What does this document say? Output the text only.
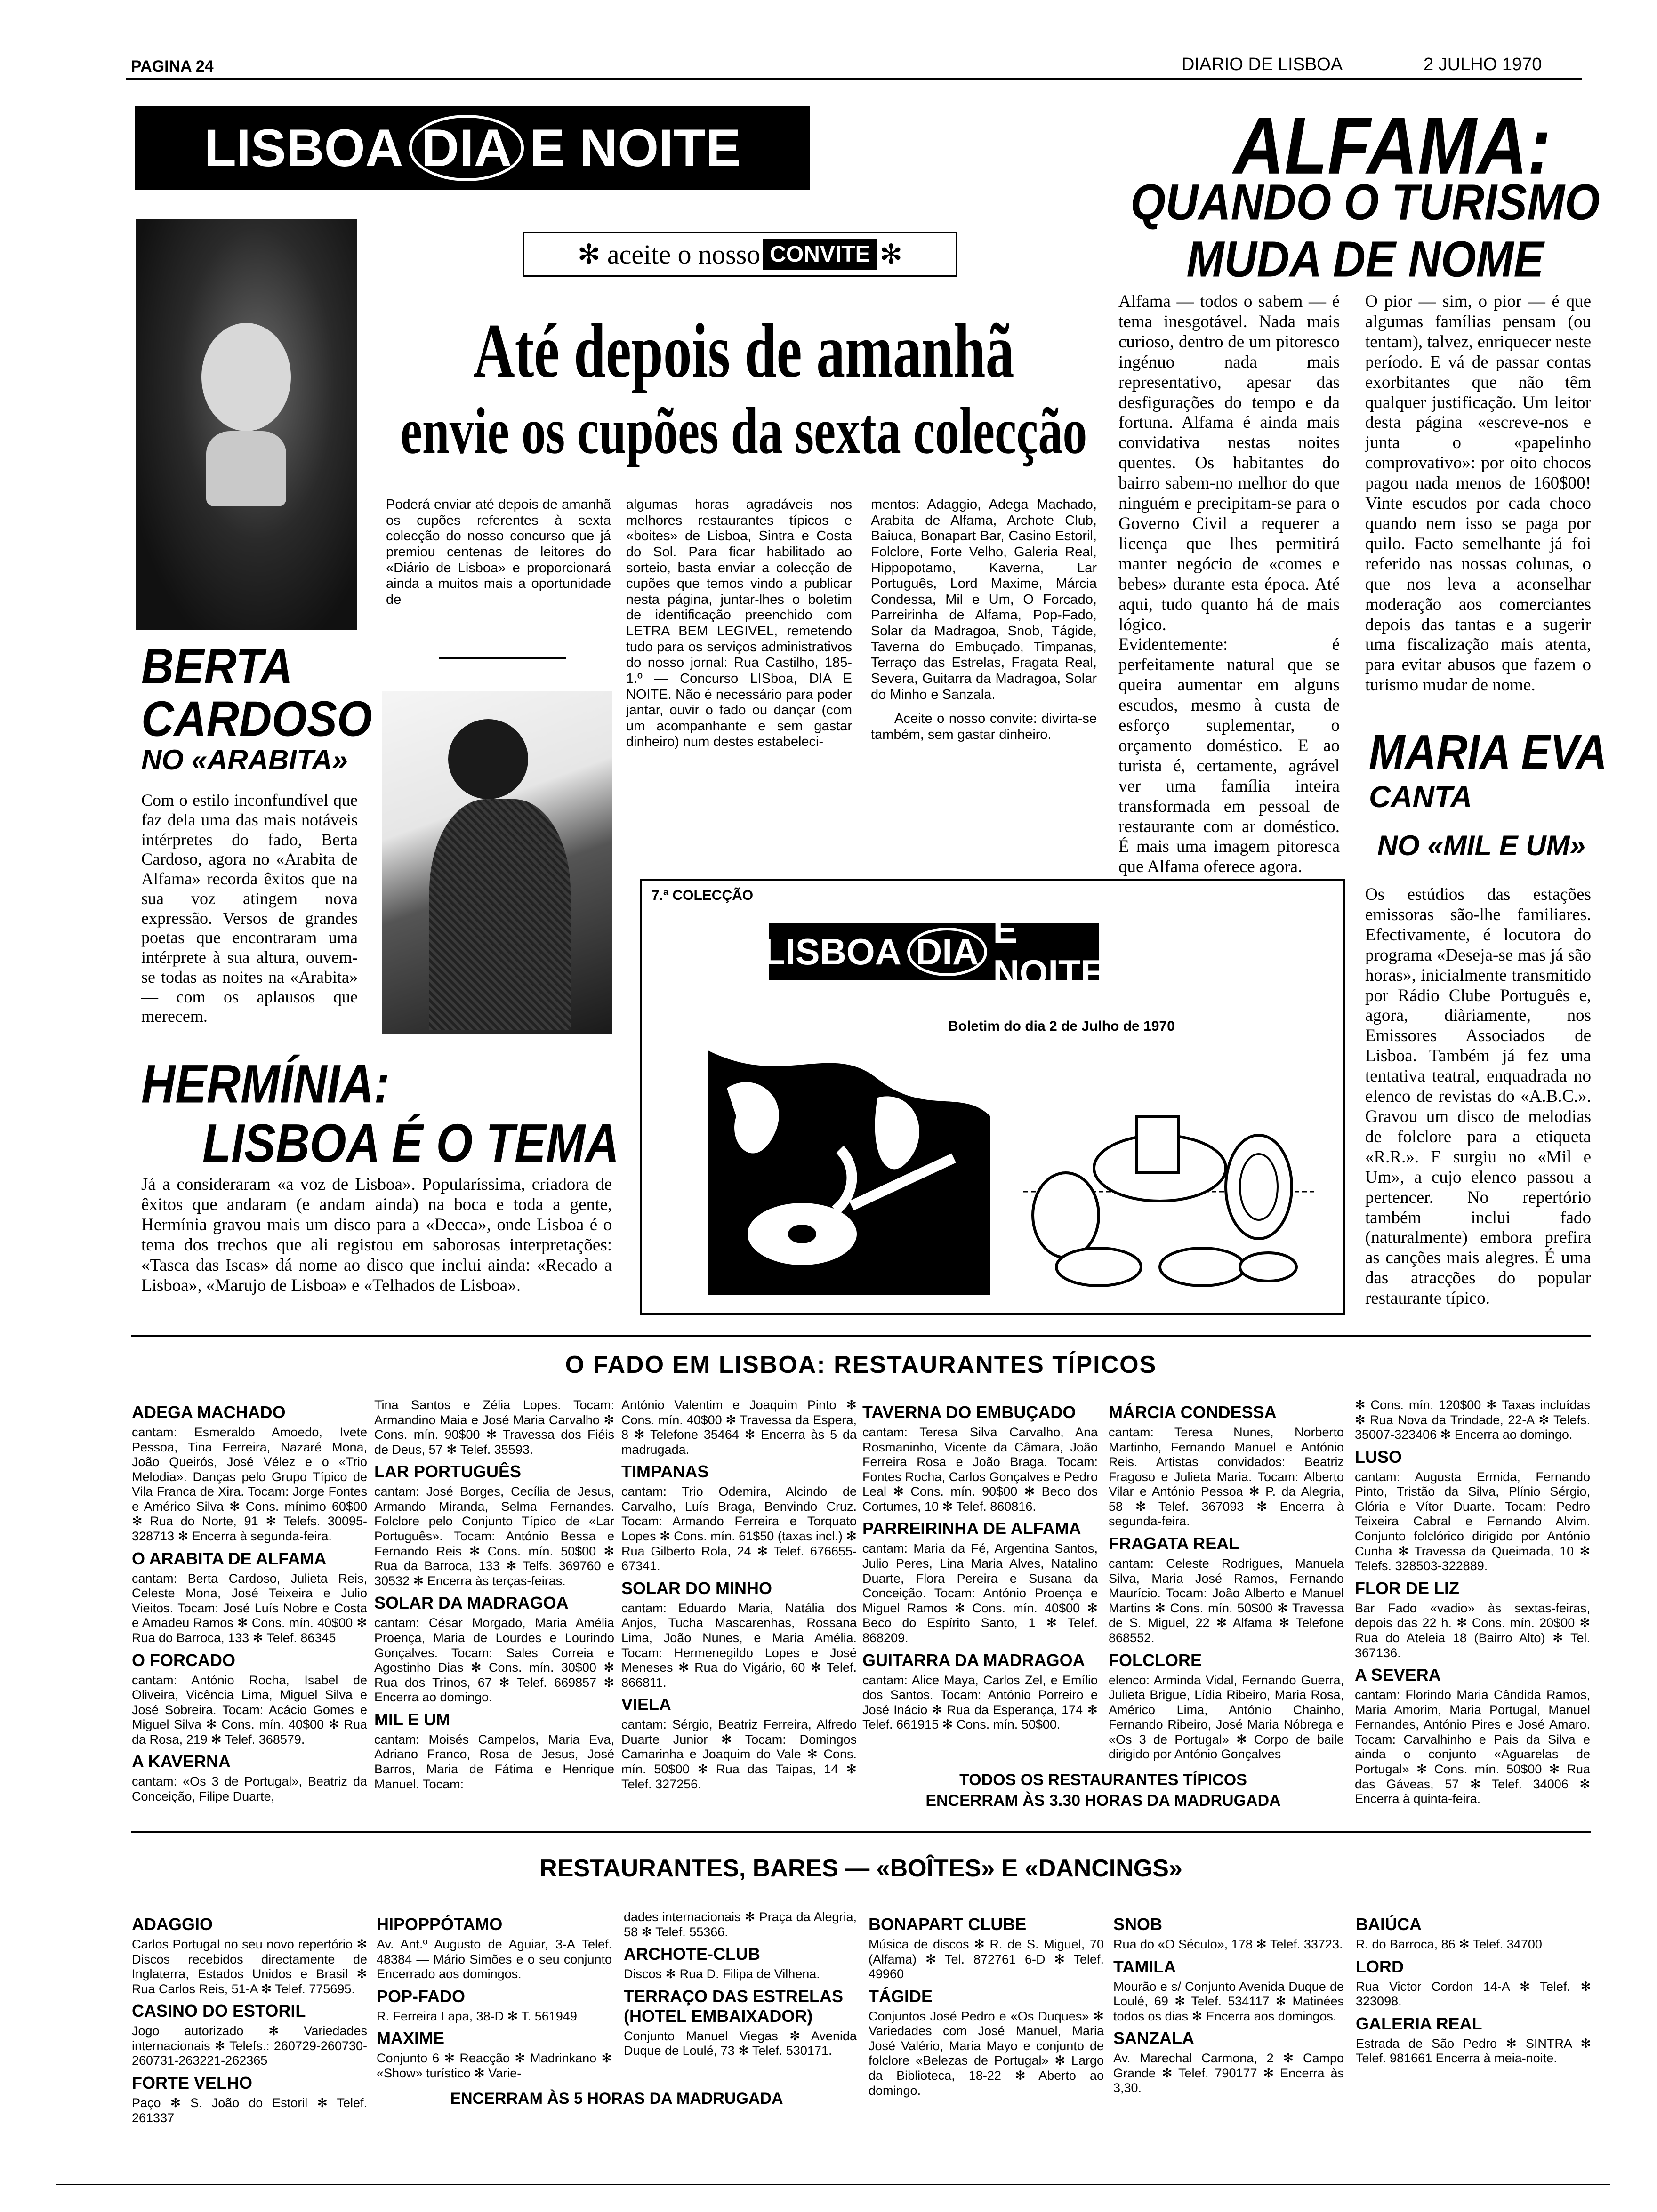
PAGINA 24	DIARIO DE LISBOA	2 JULHO 1970
LISBOA DIA E NOITE
✻ aceite o nosso CONVITE ✻
Até depois de amanhã
envie os cupões da sexta colecção
BERTA
CARDOSO
NO «ARABITA»
Com o estilo inconfundível que faz dela uma das mais notáveis intérpretes do fado, Berta Cardoso, agora no «Arabita de Alfama» recorda êxitos que na sua voz atingem nova expressão. Versos de grandes poetas que encontraram uma intérprete à sua altura, ouvem-se todas as noites na «Arabita» — com os aplausos que merecem.
Poderá enviar até depois de amanhã os cupões referentes à sexta colecção do nosso concurso que já premiou centenas de leitores do «Diário de Lisboa» e proporcionará ainda a muitos mais a oportunidade de
algumas horas agradáveis nos melhores restaurantes típicos e «boites» de Lisboa, Sintra e Costa do Sol. Para ficar habilitado ao sorteio, basta enviar a colecção de cupões que temos vindo a publicar nesta página, juntar-lhes o boletim de identificação preenchido com LETRA BEM LEGIVEL, remetendo tudo para os serviços administrativos do nosso jornal: Rua Castilho, 185-1.º — Concurso LISboa, DIA E NOITE. Não é necessário para poder jantar, ouvir o fado ou dançar (com um acompanhante e sem gastar dinheiro) num destes estabeleci-

mentos: Adaggio, Adega Machado, Arabita de Alfama, Archote Club, Baiuca, Bonapart Bar, Casino Estoril, Folclore, Forte Velho, Galeria Real, Hippopotamo, Kaverna, Lar Português, Lord Maxime, Márcia Condessa, Mil e Um, O Forcado, Parreirinha de Alfama, Pop-Fado, Solar da Madragoa, Snob, Tágide, Taverna do Embuçado, Timpanas, Terraço das Estrelas, Fragata Real, Severa, Guitarra da Madragoa, Solar do Minho e Sanzala.

Aceite o nosso convite: divirta-se também, sem gastar dinheiro.

ALFAMA:
QUANDO O TURISMO
MUDA DE NOME
Alfama — todos o sabem — é tema inesgotável. Nada mais curioso, dentro de um pitoresco ingénuo nada mais representativo, apesar das desfigurações do tempo e da fortuna. Alfama é ainda mais convidativa nestas noites quentes. Os habitantes do bairro sabem-no melhor do que ninguém e precipitam-se para o Governo Civil a requerer a licença que lhes permitirá manter negócio de «comes e bebes» durante esta época. Até aqui, tudo quanto há de mais lógico.
Evidentemente: é perfeitamente natural que se queira aumentar em alguns escudos, mesmo à custa de esforço suplementar, o orçamento doméstico. E ao turista é, certamente, agrável ver uma família inteira transformada em pessoal de restaurante com ar doméstico. É mais uma imagem pitoresca que Alfama oferece agora.
O pior — sim, o pior — é que algumas famílias pensam (ou tentam), talvez, enriquecer neste período. E vá de passar contas exorbitantes que não têm qualquer justificação. Um leitor desta página «escreve-nos e junta o «papelinho comprovativo»: por oito chocos pagou nada menos de 160$00! Vinte escudos por cada choco quando nem isso se paga por quilo. Facto semelhante já foi referido nas nossas colunas, o que nos leva a aconselhar moderação aos comerciantes depois das tantas e a sugerir uma fiscalização mais atenta, para evitar abusos que fazem o turismo mudar de nome.
MARIA EVA
CANTA
NO «MIL E UM»
Os estúdios das estações emissoras são-lhe familiares. Efectivamente, é locutora do programa «Deseja-se mas já são horas», inicialmente transmitido por Rádio Clube Português e, agora, diàriamente, nos Emissores Associados de Lisboa. Também já fez uma tentativa teatral, enquadrada no elenco de revistas do «A.B.C.». Gravou um disco de melodias de folclore para a etiqueta «R.R.». E surgiu no «Mil e Um», a cujo elenco passou a pertencer. No repertório também inclui fado (naturalmente) embora prefira as canções mais alegres. É uma das atracções do popular restaurante típico.
7.ª COLECÇÃO
LISBOA DIA
E NOITE
Boletim do dia 2 de Julho de 1970
HERMÍNIA:
LISBOA É O TEMA
Já a consideraram «a voz de Lisboa». Popularíssima, criadora de êxitos que andaram (e andam ainda) na boca e toda a gente, Hermínia gravou mais um disco para a «Decca», onde Lisboa é o tema dos trechos que ali registou em saborosas interpretações: «Tasca das Iscas» dá nome ao disco que inclui ainda: «Recado a Lisboa», «Marujo de Lisboa» e «Telhados de Lisboa».
O FADO EM LISBOA: RESTAURANTES TÍPICOS
ADEGA MACHADO
cantam: Esmeraldo Amoedo, Ivete Pessoa, Tina Ferreira, Nazaré Mona, João Queirós, José Vélez e o «Trio Melodia». Danças pelo Grupo Típico de Vila Franca de Xira. Tocam: Jorge Fontes e Américo Silva ✻ Cons. mínimo 60$00 ✻ Rua do Norte, 91 ✻ Telefs. 30095-328713 ✻ Encerra à segunda-feira.
O ARABITA DE ALFAMA
cantam: Berta Cardoso, Julieta Reis, Celeste Mona, José Teixeira e Julio Vieitos. Tocam: José Luís Nobre e Costa e Amadeu Ramos ✻ Cons. mín. 40$00 ✻ Rua do Barroca, 133 ✻ Telef. 86345
O FORCADO
cantam: António Rocha, Isabel de Oliveira, Vicência Lima, Miguel Silva e José Sobreira. Tocam: Acácio Gomes e Miguel Silva ✻ Cons. mín. 40$00 ✻ Rua da Rosa, 219 ✻ Telef. 368579.
A KAVERNA
cantam: «Os 3 de Portugal», Beatriz da Conceição, Filipe Duarte,
Tina Santos e Zélia Lopes. Tocam: Armandino Maia e José Maria Carvalho ✻ Cons. mín. 90$00 ✻ Travessa dos Fiéis de Deus, 57 ✻ Telef. 35593.
LAR PORTUGUÊS
cantam: José Borges, Cecília de Jesus, Armando Miranda, Selma Fernandes. Folclore pelo Conjunto Típico de «Lar Português». Tocam: António Bessa e Fernando Reis ✻ Cons. mín. 50$00 ✻ Rua da Barroca, 133 ✻ Telfs. 369760 e 30532 ✻ Encerra às terças-feiras.
SOLAR DA MADRAGOA
cantam: César Morgado, Maria Amélia Proença, Maria de Lourdes e Lourindo Gonçalves. Tocam: Sales Correia e Agostinho Dias ✻ Cons. mín. 30$00 ✻ Rua dos Trinos, 67 ✻ Telef. 669857 ✻ Encerra ao domingo.
MIL E UM
cantam: Moisés Campelos, Maria Eva, Adriano Franco, Rosa de Jesus, José Barros, Maria de Fátima e Henrique Manuel. Tocam:
António Valentim e Joaquim Pinto ✻ Cons. mín. 40$00 ✻ Travessa da Espera, 8 ✻ Telefone 35464 ✻ Encerra às 5 da madrugada.
TIMPANAS
cantam: Trio Odemira, Alcindo de Carvalho, Luís Braga, Benvindo Cruz. Tocam: Armando Ferreira e Torquato Lopes ✻ Cons. mín. 61$50 (taxas incl.) ✻ Rua Gilberto Rola, 24 ✻ Telef. 676655-67341.
SOLAR DO MINHO
cantam: Eduardo Maria, Natália dos Anjos, Tucha Mascarenhas, Rossana Lima, João Nunes, e Maria Amélia. Tocam: Hermenegildo Lopes e José Meneses ✻ Rua do Vigário, 60 ✻ Telef. 866811.
VIELA
cantam: Sérgio, Beatriz Ferreira, Alfredo Duarte Junior ✻ Tocam: Domingos Camarinha e Joaquim do Vale ✻ Cons. mín. 50$00 ✻ Rua das Taipas, 14 ✻ Telef. 327256.
TAVERNA DO EMBUÇADO
cantam: Teresa Silva Carvalho, Ana Rosmaninho, Vicente da Câmara, João Ferreira Rosa e João Braga. Tocam: Fontes Rocha, Carlos Gonçalves e Pedro Leal ✻ Cons. mín. 90$00 ✻ Beco dos Cortumes, 10 ✻ Telef. 860816.
PARREIRINHA DE ALFAMA
cantam: Maria da Fé, Argentina Santos, Julio Peres, Lina Maria Alves, Natalino Duarte, Flora Pereira e Susana da Conceição. Tocam: António Proença e Miguel Ramos ✻ Cons. mín. 40$00 ✻ Beco do Espírito Santo, 1 ✻ Telef. 868209.
GUITARRA DA MADRAGOA
cantam: Alice Maya, Carlos Zel, e Emílio dos Santos. Tocam: António Porreiro e José Inácio ✻ Rua da Esperança, 174 ✻ Telef. 661915 ✻ Cons. mín. 50$00.
MÁRCIA CONDESSA
cantam: Teresa Nunes, Norberto Martinho, Fernando Manuel e António Reis. Artistas convidados: Beatriz Fragoso e Julieta Maria. Tocam: Alberto Vilar e António Pessoa ✻ P. da Alegria, 58 ✻ Telef. 367093 ✻ Encerra à segunda-feira.
FRAGATA REAL
cantam: Celeste Rodrigues, Manuela Silva, Maria José Ramos, Fernando Maurício. Tocam: João Alberto e Manuel Martins ✻ Cons. mín. 50$00 ✻ Travessa de S. Miguel, 22 ✻ Alfama ✻ Telefone 868552.
FOLCLORE
elenco: Arminda Vidal, Fernando Guerra, Julieta Brigue, Lídia Ribeiro, Maria Rosa, Américo Lima, António Chainho, Fernando Ribeiro, José Maria Nóbrega e «Os 3 de Portugal» ✻ Corpo de baile dirigido por António Gonçalves
✻ Cons. mín. 120$00 ✻ Taxas incluídas ✻ Rua Nova da Trindade, 22-A ✻ Telefs. 35007-323406 ✻ Encerra ao domingo.
LUSO
cantam: Augusta Ermida, Fernando Pinto, Tristão da Silva, Plínio Sérgio, Glória e Vítor Duarte. Tocam: Pedro Teixeira Cabral e Fernando Alvim. Conjunto folclórico dirigido por António Cunha ✻ Travessa da Queimada, 10 ✻ Telefs. 328503-322889.
FLOR DE LIZ
Bar Fado «vadio» às sextas-feiras, depois das 22 h. ✻ Cons. mín. 20$00 ✻ Rua do Ateleia 18 (Bairro Alto) ✻ Tel. 367136.
A SEVERA
cantam: Florindo Maria Cândida Ramos, Maria Amorim, Maria Portugal, Manuel Fernandes, António Pires e José Amaro. Tocam: Carvalhinho e Pais da Silva e ainda o conjunto «Aguarelas de Portugal» ✻ Cons. mín. 50$00 ✻ Rua das Gáveas, 57 ✻ Telef. 34006 ✻ Encerra à quinta-feira.
TODOS OS RESTAURANTES TÍPICOS
ENCERRAM ÀS 3.30 HORAS DA MADRUGADA
RESTAURANTES, BARES — «BOÎTES» E «DANCINGS»
ADAGGIO
Carlos Portugal no seu novo repertório ✻ Discos recebidos directamente de Inglaterra, Estados Unidos e Brasil ✻ Rua Carlos Reis, 51-A ✻ Telef. 775695.
CASINO DO ESTORIL
Jogo autorizado ✻ Variedades internacionais ✻ Telefs.: 260729-260730-260731-263221-262365
FORTE VELHO
Paço ✻ S. João do Estoril ✻ Telef. 261337
HIPOPPÓTAMO
Av. Ant.º Augusto de Aguiar, 3-A Telef. 48384 — Mário Simões e o seu conjunto Encerrado aos domingos.
POP-FADO
R. Ferreira Lapa, 38-D ✻ T. 561949
MAXIME
Conjunto 6 ✻ Reacção ✻ Madrinkano ✻ «Show» turístico ✻ Varie-
dades internacionais ✻ Praça da Alegria, 58 ✻ Telef. 55366.
ARCHOTE-CLUB
Discos ✻ Rua D. Filipa de Vilhena.
TERRAÇO DAS ESTRELAS (HOTEL EMBAIXADOR)
Conjunto Manuel Viegas ✻ Avenida Duque de Loulé, 73 ✻ Telef. 530171.
BONAPART CLUBE
Música de discos ✻ R. de S. Miguel, 70 (Alfama) ✻ Tel. 872761 6-D ✻ Telef. 49960
TÁGIDE
Conjuntos José Pedro e «Os Duques» ✻ Variedades com José Manuel, Maria José Valério, Maria Mayo e conjunto de folclore «Belezas de Portugal» ✻ Largo da Biblioteca, 18-22 ✻ Aberto ao domingo.
SNOB
Rua do «O Século», 178 ✻ Telef. 33723.
TAMILA
Mourão e s/ Conjunto Avenida Duque de Loulé, 69 ✻ Telef. 534117 ✻ Matinées todos os dias ✻ Encerra aos domingos.
SANZALA
Av. Marechal Carmona, 2 ✻ Campo Grande ✻ Telef. 790177 ✻ Encerra às 3,30.
BAIÚCA
R. do Barroca, 86 ✻ Telef. 34700
LORD
Rua Victor Cordon 14-A ✻ Telef. ✻ 323098.
GALERIA REAL
Estrada de São Pedro ✻ SINTRA ✻ Telef. 981661 Encerra à meia-noite.
ENCERRAM ÀS 5 HORAS DA MADRUGADA
